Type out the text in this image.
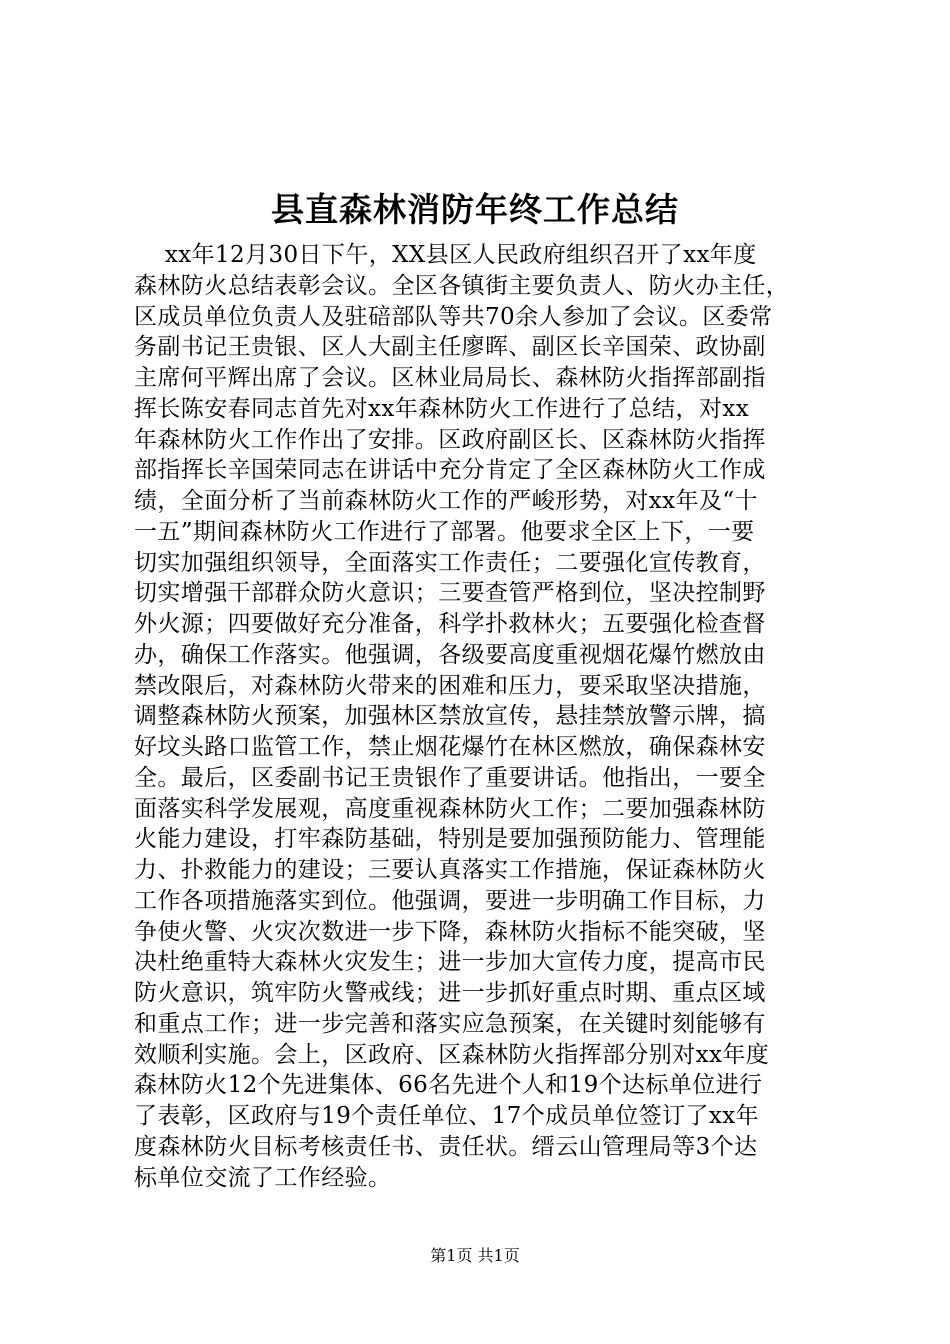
县直森林消防年终工作总结
xx年12月30日下午，XX县区人民政府组织召开了xx年度
森林防火总结表彰会议。全区各镇街主要负责人、防火办主任，
区成员单位负责人及驻碚部队等共70余人参加了会议。区委常
务副书记王贵银、区人大副主任廖晖、副区长辛国荣、政协副
主席何平辉出席了会议。区林业局局长、森林防火指挥部副指
挥长陈安春同志首先对xx年森林防火工作进行了总结，对xx
年森林防火工作作出了安排。区政府副区长、区森林防火指挥
部指挥长辛国荣同志在讲话中充分肯定了全区森林防火工作成
绩，全面分析了当前森林防火工作的严峻形势，对xx年及“十
一五”期间森林防火工作进行了部署。他要求全区上下，一要
切实加强组织领导，全面落实工作责任；二要强化宣传教育，
切实增强干部群众防火意识；三要查管严格到位，坚决控制野
外火源；四要做好充分准备，科学扑救林火；五要强化检查督
办，确保工作落实。他强调，各级要高度重视烟花爆竹燃放由
禁改限后，对森林防火带来的困难和压力，要采取坚决措施，
调整森林防火预案，加强林区禁放宣传，悬挂禁放警示牌，搞
好坟头路口监管工作，禁止烟花爆竹在林区燃放，确保森林安
全。最后，区委副书记王贵银作了重要讲话。他指出，一要全
面落实科学发展观，高度重视森林防火工作；二要加强森林防
火能力建设，打牢森防基础，特别是要加强预防能力、管理能
力、扑救能力的建设；三要认真落实工作措施，保证森林防火
工作各项措施落实到位。他强调，要进一步明确工作目标，力
争使火警、火灾次数进一步下降，森林防火指标不能突破，坚
决杜绝重特大森林火灾发生；进一步加大宣传力度，提高市民
防火意识，筑牢防火警戒线；进一步抓好重点时期、重点区域
和重点工作；进一步完善和落实应急预案，在关键时刻能够有
效顺利实施。会上，区政府、区森林防火指挥部分别对xx年度
森林防火12个先进集体、66名先进个人和19个达标单位进行
了表彰，区政府与19个责任单位、17个成员单位签订了xx年
度森林防火目标考核责任书、责任状。缙云山管理局等3个达
标单位交流了工作经验。
第1页 共1页
